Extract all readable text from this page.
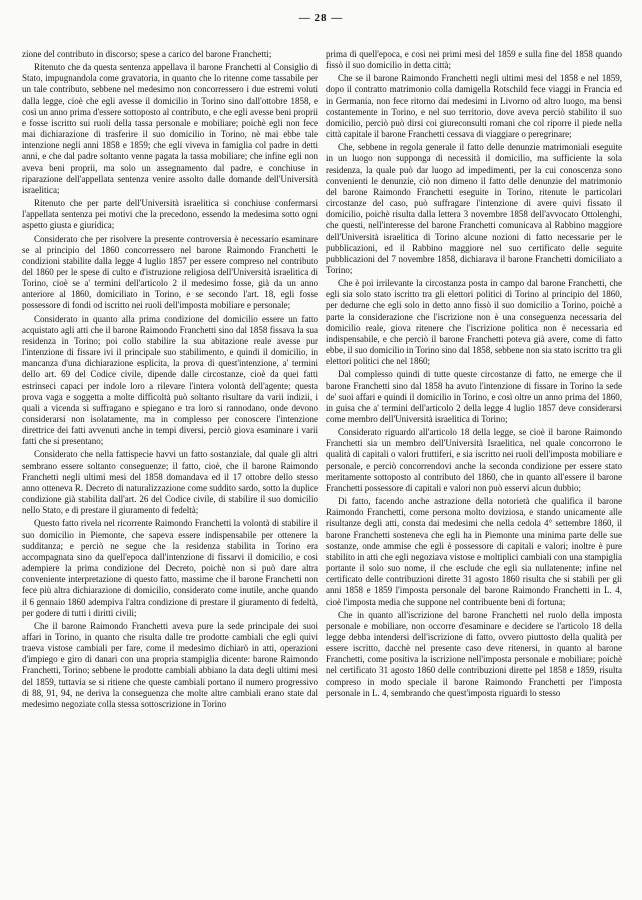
— 28 —

zione del contributo in discorso; spese a carico del barone Franchetti;

Ritenuto che da questa sentenza appellava il barone Franchetti al Consiglio di Stato, impugnandola come gravatoria, in quanto che lo ritenne come tassabile per un tale contributo, sebbene nel medesimo non concorressero i due estremi voluti dalla legge, cioè che egli avesse il domicilio in Torino sino dall'ottobre 1858, e così un anno prima d'essere sottoposto al contributo, e che egli avesse beni proprii e fosse iscritto sui ruoli della tassa personale e mobiliare; poichè egli non fece mai dichiarazione di trasferire il suo domicilio in Torino, nè mai ebbe tale intenzione negli anni 1858 e 1859; che egli viveva in famiglia col padre in detti anni, e che dal padre soltanto venne pagata la tassa mobiliare; che infine egli non aveva beni proprii, ma solo un assegnamento dal padre, e conchiuse in riparazione dell'appellata sentenza venire assolto dalle domande dell'Università israelitica;

Ritenuto che per parte dell'Università israelitica si conchiuse confermarsi l'appellata sentenza pei motivi che la precedono, essendo la medesima sotto ogni aspetto giusta e giuridica;

Considerato che per risolvere la presente controversia è necessario esaminare se al principio del 1860 concorressero nel barone Raimondo Franchetti le condizioni stabilite dalla legge 4 luglio 1857 per essere compreso nel contributo del 1860 per le spese di culto e d'istruzione religiosa dell'Università israelitica di Torino, cioè se a' termini dell'articolo 2 il medesimo fosse, già da un anno anteriore al 1860, domiciliato in Torino, e se secondo l'art. 18, egli fosse possessore di fondi od iscritto nei ruoli dell'imposta mobiliare e personale;

Considerato in quanto alla prima condizione del domicilio essere un fatto acquistato agli atti che il barone Raimondo Franchetti sino dal 1858 fissava la sua residenza in Torino; poi collo stabilire la sua abitazione reale avesse pur l'intenzione di fissare ivi il principale suo stabilimento, e quindi il domicilio, in mancanza d'una dichiarazione esplicita, la prova di quest'intenzione, a' termini dello art. 69 del Codice civile, dipende dalle circostanze, cioè da quei fatti estrinseci capaci per indole loro a rilevare l'intera volontà dell'agente; questa prova vaga e soggetta a molte difficoltà può soltanto risultare da varii indizii, i quali a vicenda si suffragano e spiegano e tra loro si rannodano, onde devono considerarsi non isolatamente, ma in complesso per conoscere l'intenzione direttrice dei fatti avvenuti anche in tempi diversi, perciò giova esaminare i varii fatti che si presentano;

Considerato che nella fattispecie havvi un fatto sostanziale, dal quale gli altri sembrano essere soltanto conseguenze; il fatto, cioè, che il barone Raimondo Franchetti negli ultimi mesi del 1858 domandava ed il 17 ottobre dello stesso anno otteneva R. Decreto di naturalizzazione come suddito sardo, sotto la duplice condizione già stabilita dall'art. 26 del Codice civile, di stabilire il suo domicilio nello Stato, e di prestare il giuramento di fedeltà;

Questo fatto rivela nel ricorrente Raimondo Franchetti la volontà di stabilire il suo domicilio in Piemonte, che sapeva essere indispensabile per ottenere la sudditanza; e perciò ne segue che la residenza stabilita in Torino era accompagnata sino da quell'epoca dall'intenzione di fissarvi il domicilio, e così adempiere la prima condizione del Decreto, poichè non si può dare altra conveniente interpretazione di questo fatto, massime che il barone Franchetti non fece più altra dichiarazione di domicilio, considerato come inutile, anche quando il 6 gennaio 1860 adempiva l'altra condizione di prestare il giuramento di fedeltà, per godere di tutti i diritti civili;

Che il barone Raimondo Franchetti aveva pure la sede principale dei suoi affari in Torino, in quanto che risulta dalle tre prodotte cambiali che egli quivi traeva vistose cambiali per fare, come il medesimo dichiarò in atti, operazioni d'impiego e giro di danari con una propria stampiglia dicente: barone Raimondo Franchetti, Torino; sebbene le prodotte cambiali abbiano la data degli ultimi mesi del 1859, tuttavia se si ritiene che queste cambiali portano il numero progressivo di 88, 91, 94, ne deriva la conseguenza che molte altre cambiali erano state dal medesimo negoziate colla stessa sottoscrizione in Torino

prima di quell'epoca, e così nei primi mesi del 1859 e sulla fine del 1858 quando fissò il suo domicilio in detta città;

Che se il barone Raimondo Franchetti negli ultimi mesi del 1858 e nel 1859, dopo il contratto matrimonio colla damigella Rotschild fece viaggi in Francia ed in Germania, non fece ritorno dai medesimi in Livorno od altro luogo, ma bensì costantemente in Torino, e nel suo territorio, dove aveva perciò stabilito il suo domicilio, perciò può dirsi coi giureconsulti romani che col riporre il piede nella città capitale il barone Franchetti cessava di viaggiare o peregrinare;

Che, sebbene in regola generale il fatto delle denunzie matrimoniali eseguite in un luogo non supponga di necessità il domicilio, ma sufficiente la sola residenza, la quale può dar luogo ad impedimenti, per la cui conoscenza sono convenienti le denunzie, ciò non dimeno il fatto delle denunzie del matrimonio del barone Raimondo Franchetti eseguite in Torino, ritenute le particolari circostanze del caso, può suffragare l'intenzione di avere quivi fissato il domicilio, poichè risulta dalla lettera 3 novembre 1858 dell'avvocato Ottolenghi, che questi, nell'interesse del barone Franchetti comunicava al Rabbino maggiore dell'Università israelitica di Torino alcune nozioni di fatto necessarie per le pubblicazioni, ed il Rabbino maggiore nel suo certificato delle seguite pubblicazioni del 7 novembre 1858, dichiarava il barone Franchetti domiciliato a Torino;

Che è poi irrilevante la circostanza posta in campo dal barone Franchetti, che egli sia solo stato iscritto tra gli elettori politici di Torino al principio del 1860, per dedurne che egli solo in detto anno fissò il suo domicilio a Torino, poichè a parte la considerazione che l'iscrizione non è una conseguenza necessaria del domicilio reale, giova ritenere che l'iscrizione politica non è necessaria ed indispensabile, e che perciò il barone Franchetti poteva già avere, come di fatto ebbe, il suo domicilio in Torino sino dal 1858, sebbene non sia stato iscritto tra gli elettori politici che nel 1860;

Dal complesso quindi di tutte queste circostanze di fatto, ne emerge che il barone Franchetti sino dal 1858 ha avuto l'intenzione di fissare in Torino la sede de' suoi affari e quindi il domicilio in Torino, e così oltre un anno prima del 1860, in guisa che a' termini dell'articolo 2 della legge 4 luglio 1857 deve considerarsi come membro dell'Università israelitica di Torino;

Considerato riguardo all'articolo 18 della legge, se cioè il barone Raimondo Franchetti sia un membro dell'Università Israelitica, nel quale concorrono le qualità di capitali o valori fruttiferi, e sia iscritto nei ruoli dell'imposta mobiliare e personale, e perciò concorrendovi anche la seconda condizione per essere stato meritamente sottoposto al contributo del 1860, che in quanto all'essere il barone Franchetti possessore di capitali e valori non può esservi alcun dubbio;

Di fatto, facendo anche astrazione della notorietà che qualifica il barone Raimondo Franchetti, come persona molto doviziosa, e stando unicamente alle risultanze degli atti, consta dai medesimi che nella cedola 4° settembre 1860, il barone Franchetti sosteneva che egli ha in Piemonte una minima parte delle sue sostanze, onde ammise che egli è possessore di capitali e valori; inoltre è pure stabilito in atti che egli negoziava vistose e moltiplici cambiali con una stampiglia portante il solo suo nome, il che esclude che egli sia nullatenente; infine nel certificato delle contribuzioni dirette 31 agosto 1860 risulta che si stabilì per gli anni 1858 e 1859 l'imposta personale del barone Raimondo Franchetti in L. 4, cioè l'imposta media che suppone nel contribuente beni di fortuna;

Che in quanto all'iscrizione del barone Franchetti nel ruolo della imposta personale e mobiliare, non occorre d'esaminare e decidere se l'articolo 18 della legge debba intendersi dell'iscrizione di fatto, ovvero piuttosto della qualità per essere iscritto, dacchè nel presente caso deve ritenersi, in quanto al barone Franchetti, come positiva la iscrizione nell'imposta personale e mobiliare; poichè nel certificato 31 agosto 1860 delle contribuzioni dirette pel 1858 e 1859, risulta compreso in modo speciale il barone Raimondo Franchetti per l'imposta personale in L. 4, sembrando che quest'imposta riguardi lo stesso
